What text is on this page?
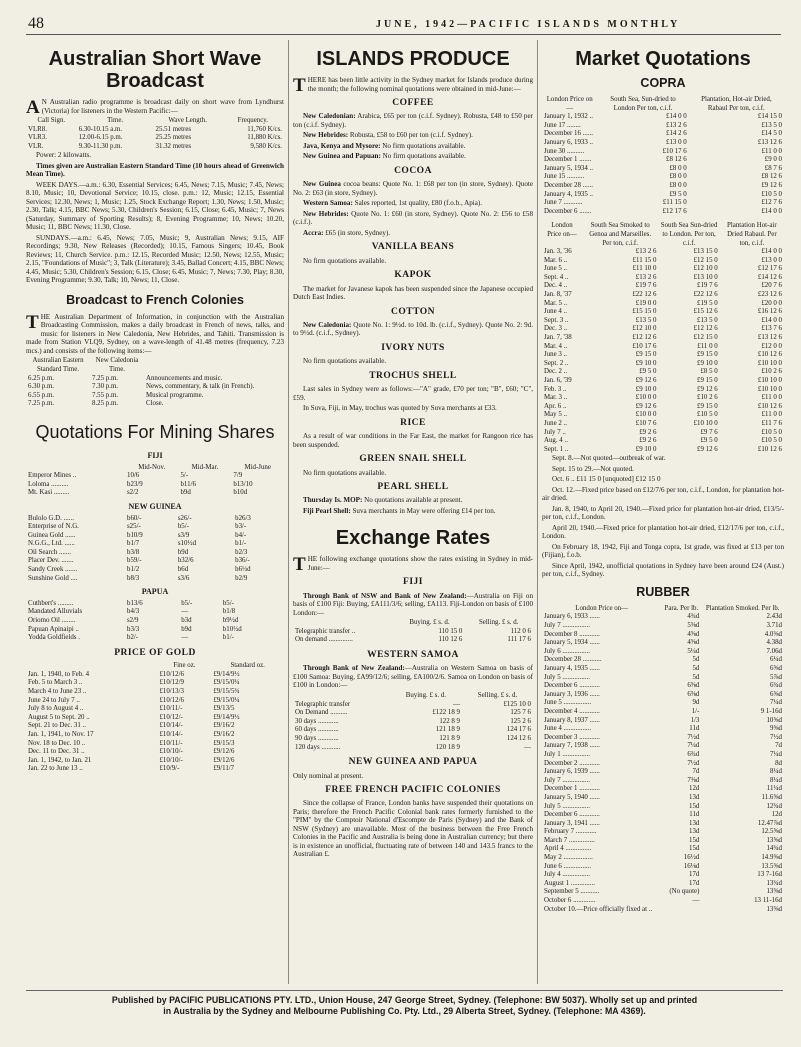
48	JUNE, 1942—PACIFIC ISLANDS MONTHLY
Australian Short Wave Broadcast

AN Australian radio programme is broadcast daily on short wave from Lyndhurst (Victoria) for listeners in the Western Pacific:—

Call Sign.	Time.	Wave Length.	Frequency.
VLR8.	6.30-10.15 a.m.	25.51 metres	11,760 K/cs.
VLR3.	12.00-6.15 p.m.	25.25 metres	11,880 K/cs.
VLR.	9.30-11.30 p.m.	31.32 metres	9,580 K/cs.

Power: 2 kilowatts.

Times given are Australian Eastern Standard Time (10 hours ahead of Greenwich Mean Time).

WEEK DAYS.—a.m.: 6.30, Essential Services; 6.45, News; 7.15, Music; 7.45, News; 8.10, Music; 10, Devotional Service; 10.15, close. p.m.: 12, Music; 12.15, Essential Services; 12.30, News; 1, Music; 1.25, Stock Exchange Report; 1.30, News; 1.50, Music; 2.30, Talk; 4.15, BBC News; 5.30, Children's Session; 6.15, Close; 6.45, Music; 7, News (Saturday, Summary of Sporting Results); 8, Evening Programme; 10, News; 10.20, Music; 11, BBC News; 11.30, Close.

SUNDAYS.—a.m.: 6.45, News; 7.05, Music; 9, Australian News; 9.15, AIF Recordings; 9.30, New Releases (Recorded); 10.15, Famous Singers; 10.45, Book Reviews; 11, Church Service. p.m.: 12.15, Recorded Music; 12.50, News; 12.55, Music; 2.15, "Foundations of Music"; 3, Talk (Literature); 3.45, Ballad Concert; 4.15, BBC News; 4.45, Music; 5.30, Children's Session; 6.15, Close; 6.45, Music; 7, News; 7.30, Play; 8.30, Evening Programme; 9.30, Talk; 10, News; 11, Close.

Broadcast to French Colonies

THE Australian Department of Information, in conjunction with the Australian Broadcasting Commission, makes a daily broadcast in French of news, talks, and music for listeners in New Caledonia, New Hebrides, and Tahiti. Transmission is made from Station VLQ9, Sydney, on a wave-length of 41.48 metres (frequency, 7.23 mcs.) and consists of the following items:—

Australian Eastern Standard Time.	New Caledonia Time.	
6.25 p.m.	7.25 p.m.	Announcements and music.
6.30 p.m.	7.30 p.m.	News, commentary, & talk (in French).
6.55 p.m.	7.55 p.m.	Musical programme.
7.25 p.m.	8.25 p.m.	Close.
Quotations For Mining Shares
FIJI
	Mid-Nov.	Mid-Mar.	Mid-June
Emperor Mines ..	10/6	5/-	7/9
Loloma ..........	b23/9	b11/6	b13/10
Mt. Kasi .........	s2/2	b9d	b10d
NEW GUINEA
Bulolo G.D. ......	b60/-	s26/-	b26/3
Enterprise of N.G.	s25/-	b5/-	b3/-
Guinea Gold ......	b10/9	s3/9	b4/-
N.G.G., Ltd. ......	b1/7	s10½d	b1/-
Oil Search .......	b3/8	b9d	b2/3
Placer Dev. .......	b59/-	b32/6	b36/-
Sandy Creek .......	b1/2	b6d	b6½d
Sunshine Gold ....	b8/3	s3/6	b2/9
PAPUA
Cuthbert's .........	b13/6	b5/-	b5/-
Mandated Alluvials	b4/3	—	b1/8
Oriomo Oil ........	s2/9	b3d	b9½d
Papuan Apinaipi ..	b3/3	b9d	b10½d
Yodda Goldfields .	b2/-	—	b1/-
PRICE OF GOLD
	Fine oz.	Standard oz.
Jan. 1, 1940, to Feb. 4	£10/12/6	£9/14/9½
Feb. 5 to March 3 ..	£10/12/9	£9/15/0¼
March 4 to June 23 ..	£10/13/3	£9/15/5¾
June 24 to July 7 ..	£10/12/6	£9/15/0¼
July 8 to August 4 ..	£10/11/-	£9/13/5
August 5 to Sept. 20 ..	£10/12/-	£9/14/9½
Sept. 21 to Dec. 31 ..	£10/14/-	£9/16/2
Jan. 1, 1941, to Nov. 17	£10/14/-	£9/16/2
Nov. 18 to Dec. 10 ..	£10/11/-	£9/15/3
Dec. 11 to Dec. 31 ..	£10/10/-	£9/12/6
Jan. 1, 1942, to Jan. 21	£10/10/-	£9/12/6
Jan. 22 to June 13 ..	£10/9/-	£9/11/7
ISLANDS PRODUCE

THERE has been little activity in the Sydney market for Islands produce during the month; the following nominal quotations were obtained in mid-June:—

COFFEE

New Caledonian: Arabica, £65 per ton (c.i.f. Sydney). Robusta, £48 to £50 per ton (c.i.f. Sydney).

New Hebrides: Robusta, £58 to £60 per ton (c.i.f. Sydney).

Java, Kenya and Mysore: No firm quotations available.

New Guinea and Papuan: No firm quotations available.

COCOA

New Guinea cocoa beans: Quote No. 1: £68 per ton (in store, Sydney). Quote No. 2: £63 (in store, Sydney).

Western Samoa: Sales reported, 1st quality, £80 (f.o.b., Apia).

New Hebrides: Quote No. 1: £60 (in store, Sydney). Quote No. 2: £56 to £58 (c.i.f.).

Accra: £65 (in store, Sydney).

VANILLA BEANS

No firm quotations available.

KAPOK

The market for Javanese kapok has been suspended since the Japanese occupied Dutch East Indies.

COTTON

New Caledonia: Quote No. 1: 9½d. to 10d. lb. (c.i.f., Sydney). Quote No. 2: 9d. to 9½d. (c.i.f., Sydney).

IVORY NUTS

No firm quotations available.

TROCHUS SHELL

Last sales in Sydney were as follows:—"A" grade, £70 per ton; "B", £60; "C", £59.

In Suva, Fiji, in May, trochus was quoted by Suva merchants at £33.

RICE

As a result of war conditions in the Far East, the market for Rangoon rice has been suspended.

GREEN SNAIL SHELL

No firm quotations available.

PEARL SHELL

Thursday Is. MOP: No quotations available at present.

Fiji Pearl Shell: Suva merchants in May were offering £14 per ton.

Exchange Rates

THE following exchange quotations show the rates existing in Sydney in mid-June:—

FIJI

Through Bank of NSW and Bank of New Zealand:—Australia on Fiji on basis of £100 Fiji: Buying, £A111/3/6; selling, £A113. Fiji-London on basis of £100 London:—

	Buying. £ s. d.	Selling. £ s. d.
Telegraphic transfer ..	110 15 0	112 0 6
On demand ..............	110 12 6	111 17 6
WESTERN SAMOA

Through Bank of New Zealand:—Australia on Western Samoa on basis of £100 Samoa: Buying, £A99/12/6; selling, £A100/2/6. Samoa on London on basis of £100 in London:—

	Buying. £ s. d.	Selling. £ s. d.
Telegraphic transfer	—	£125 10 0
On Demand ..........	£122 18 9	125 7 6
30 days ............	122 8 9	125 2 6
60 days ............	121 18 9	124 17 6
90 days ............	121 8 9	124 12 6
120 days ...........	120 18 9	—
NEW GUINEA AND PAPUA

Only nominal at present.

FREE FRENCH PACIFIC COLONIES

Since the collapse of France, London banks have suspended their quotations on Paris; therefore the French Pacific Colonial bank rates formerly furnished to the "PIM" by the Comptoir National d'Escompte de Paris (Sydney) and the Bank of NSW (Sydney) are unavailable. Most of the business between the Free French Colonies in the Pacific and Australia is being done in Australian currency; but there is in existence an unofficial, fluctuating rate of between 140 and 143.5 francs to the Australian £.

Market Quotations
COPRA
London Price on—	South Sea, Sun-dried to London Per ton, c.i.f.	Plantation, Hot-air Dried, Rabaul Per ton, c.i.f.
January 1, 1932 ..	£14 0 0	£14 15 0
June 17 ........	£13 2 6	£13 5 0
December 16 ......	£14 2 6	£14 5 0
January 6, 1933 ..	£13 0 0	£13 12 6
June 30 ..........	£10 17 6	£11 0 0
December 1 .......	£8 12 6	£9 0 0
January 5, 1934 ..	£8 0 0	£8 7 6
June 15 ..........	£8 0 0	£8 12 6
December 28 ......	£8 0 0	£9 12 6
January 4, 1935 ..	£9 5 0	£10 5 0
June 7 ...........	£11 15 0	£12 7 6
December 6 .......	£12 17 6	£14 0 0
London Price on—	South Sea Smoked to Genoa and Marseilles. Per ton, c.i.f.	South Sea Sun-dried to London. Per ton, c.i.f.	Plantation Hot-air Dried Rabaul. Per ton, c.i.f.
Jan. 3, '36	£13 2 6	£13 15 0	£14 0 0
Mar. 6 ..	£11 15 0	£12 15 0	£13 0 0
June 5 ..	£11 10 0	£12 10 0	£12 17 6
Sept. 4 ..	£13 2 6	£13 10 0	£14 12 6
Dec. 4 ..	£19 7 6	£19 7 6	£20 7 6
Jan. 8, '37	£22 12 6	£22 12 6	£23 12 6
Mar. 5 ..	£19 0 0	£19 5 0	£20 0 0
June 4 ..	£15 15 0	£15 12 6	£16 12 6
Sept. 3 ..	£13 5 0	£13 5 0	£14 0 0
Dec. 3 ..	£12 10 0	£12 12 6	£13 7 6
Jan. 7, '38	£12 12 6	£12 15 0	£13 12 6
Mar. 4 ..	£10 17 6	£11 0 0	£12 0 0
June 3 ..	£9 15 0	£9 15 0	£10 12 6
Sept. 2 ..	£9 10 0	£9 10 0	£10 10 0
Dec. 2 ..	£9 5 0	£8 5 0	£10 2 6
Jan. 6, '39	£9 12 6	£9 15 0	£10 10 0
Feb. 3 ..	£9 10 0	£9 12 6	£10 10 0
Mar. 3 ..	£10 0 0	£10 2 6	£11 0 0
Apr. 6 ..	£9 12 6	£9 15 0	£10 12 6
May 5 ..	£10 0 0	£10 5 0	£11 0 0
June 2 ..	£10 7 6	£10 10 0	£11 7 6
July 7 ..	£9 2 6	£9 7 6	£10 5 0
Aug. 4 ..	£9 2 6	£9 5 0	£10 5 0
Sept. 1 ..	£9 10 0	£9 12 6	£10 12 6

Sept. 8.—Not quoted—outbreak of war.

Sept. 15 to 29.—Not quoted.

Oct. 6 .. £11 15 0 [unquoted] £12 15 0

Oct. 12.—Fixed price based on £12/7/6 per ton, c.i.f., London, for plantation hot-air dried.

Jan. 8, 1940, to April 20, 1940.—Fixed price for plantation hot-air dried, £13/5/- per ton, c.i.f., London.

April 20, 1940.—Fixed price for plantation hot-air dried, £12/17/6 per ton, c.i.f., London.

On February 18, 1942, Fiji and Tonga copra, 1st grade, was fixed at £13 per ton (Fijian), f.o.b.

Since April, 1942, unofficial quotations in Sydney have been around £24 (Aust.) per ton, c.i.f., Sydney.

RUBBER
London Price on—	Para. Per lb.	Plantation Smoked. Per lb.
January 6, 1933 ......	4¾d	2.43d
July 7 ................	5⅝d	3.71d
December 8 ............	4⅝d	4.0⅜d
January 5, 1934 ......	4⅝d	4.38d
July 6 ................	5¼d	7.06d
December 28 ...........	5d	6¼d
January 4, 1935 ......	5d	6⅝d
July 5 ................	5d	5⅞d
December 6 ............	6⅝d	6¾d
January 3, 1936 ......	6⅝d	6⅝d
June 5 ................	9d	7¼d
December 4 ............	1/-	9 1-16d
January 8, 1937 ......	1/3	10⅝d
June 4 ................	11d	9⅝d
December 3 ............	7½d	7½d
January 7, 1938 ......	7¼d	7d
July 1 ................	6¾d	7¼d
December 2 ............	7½d	8d
January 6, 1939 ......	7d	8¼d
July 7 ................	7⅜d	8¼d
December 1 ............	12d	11¼d
January 5, 1940 ......	13d	11.6⅝d
July 5 ................	15d	12¾d
December 6 ............	11d	12d
January 3, 1941 ......	13d	12.47⅞d
February 7 ............	13d	12.5⅝d
March 7 ...............	15d	13⅝d
April 4 ...............	15d	14¾d
May 2 .................	16½d	14.9⅝d
June 6 ................	16⅛d	13.5⅝d
July 4 ................	17d	13 7-16d
August 1 ..............	17d	13¾d
September 5 ...........	(No quote)	13⅝d
October 6 .............	—	13 11-16d
October 10.—Price officially fixed at ..		13⅝d
Published by PACIFIC PUBLICATIONS PTY. LTD., Union House, 247 George Street, Sydney. (Telephone: BW 5037). Wholly set up and printed
in Australia by the Sydney and Melbourne Publishing Co. Pty. Ltd., 29 Alberta Street, Sydney. (Telephone: MA 4369).
